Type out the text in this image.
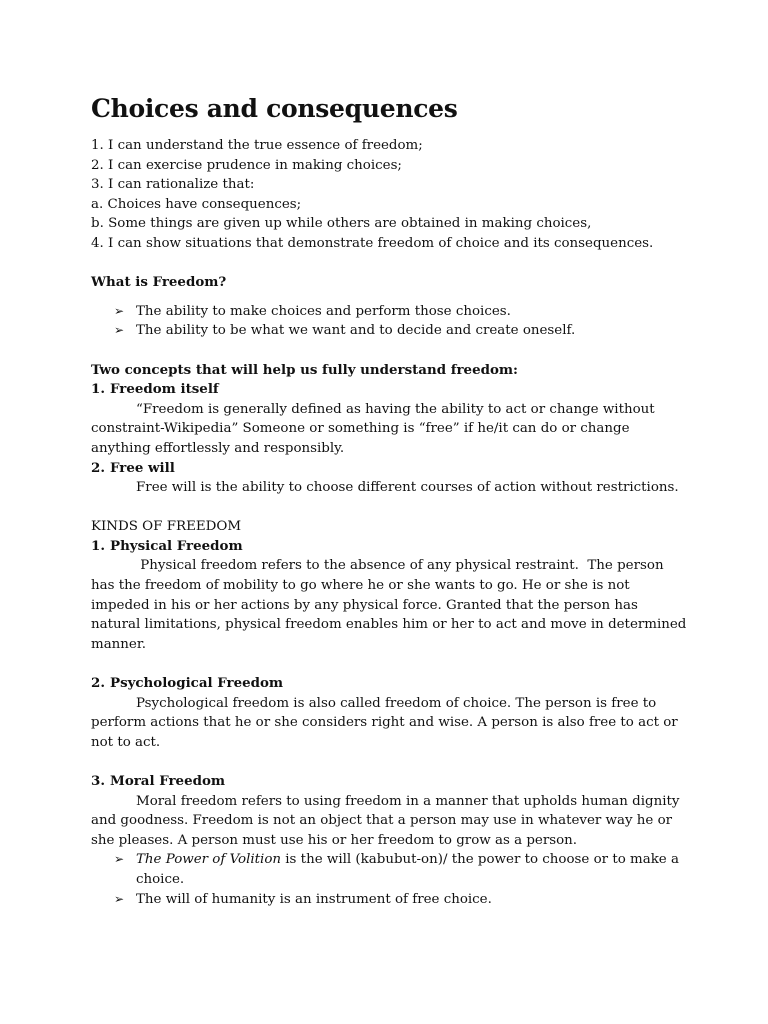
Choices and consequences
1. I can understand the true essence of freedom;
2. I can exercise prudence in making choices;
3. I can rationalize that:
a. Choices have consequences;
b. Some things are given up while others are obtained in making choices,
4. I can show situations that demonstrate freedom of choice and its consequences.
What is Freedom?
➢ The ability to make choices and perform those choices.
➢ The ability to be what we want and to decide and create oneself.
Two concepts that will help us fully understand freedom:
1. Freedom itself
“Freedom is generally defined as having the ability to act or change without constraint-Wikipedia” Someone or something is “free” if he/it can do or change anything effortlessly and responsibly.
2. Free will
Free will is the ability to choose different courses of action without restrictions.
KINDS OF FREEDOM
1. Physical Freedom
Physical freedom refers to the absence of any physical restraint.  The person has the freedom of mobility to go where he or she wants to go. He or she is not impeded in his or her actions by any physical force. Granted that the person has natural limitations, physical freedom enables him or her to act and move in determined manner.
2. Psychological Freedom
Psychological freedom is also called freedom of choice. The person is free to perform actions that he or she considers right and wise. A person is also free to act or not to act.
3. Moral Freedom
Moral freedom refers to using freedom in a manner that upholds human dignity and goodness. Freedom is not an object that a person may use in whatever way he or she pleases. A person must use his or her freedom to grow as a person.
➢ The Power of Volition is the will (kabubut-on)/ the power to choose or to make a choice.
➢ The will of humanity is an instrument of free choice.
